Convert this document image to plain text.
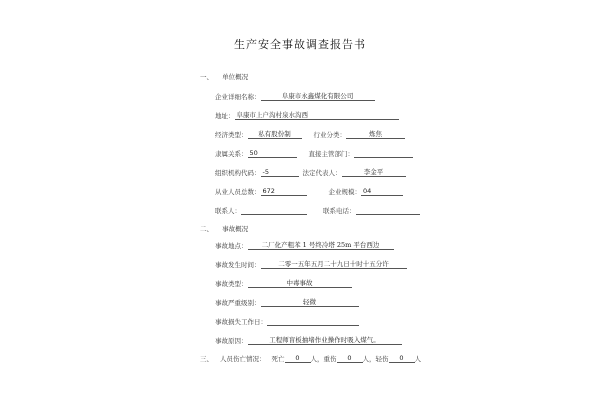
生产安全事故调查报告书
一、 单位概况
企业详细名称：	阜康市永鑫煤化有限公司
地址： 阜康市上户沟村泉水沟西
经济类型：	私有股份制	行业分类：	炼焦
隶属关系： 50	直接主管部门：
组织机构代码： -5	法定代表人：	李金平
从业人员总数： 672	企业规模： 04
联系人：	联系电话：
二、 事故概况
事故地点：	二厂化产粗苯 1 号终冷塔 25m 平台西边
事故发生时间：	二零一五年五月二十九日十时十五分许
事故类型：	中毒事故
事故严重级别：	轻微
事故损失工作日：
事故原因：	工程师盲板抽堵作业操作时吸入煤气。
三、	人员伤亡情况： 死亡	0	人，重伤	0	人，轻伤	0	人
